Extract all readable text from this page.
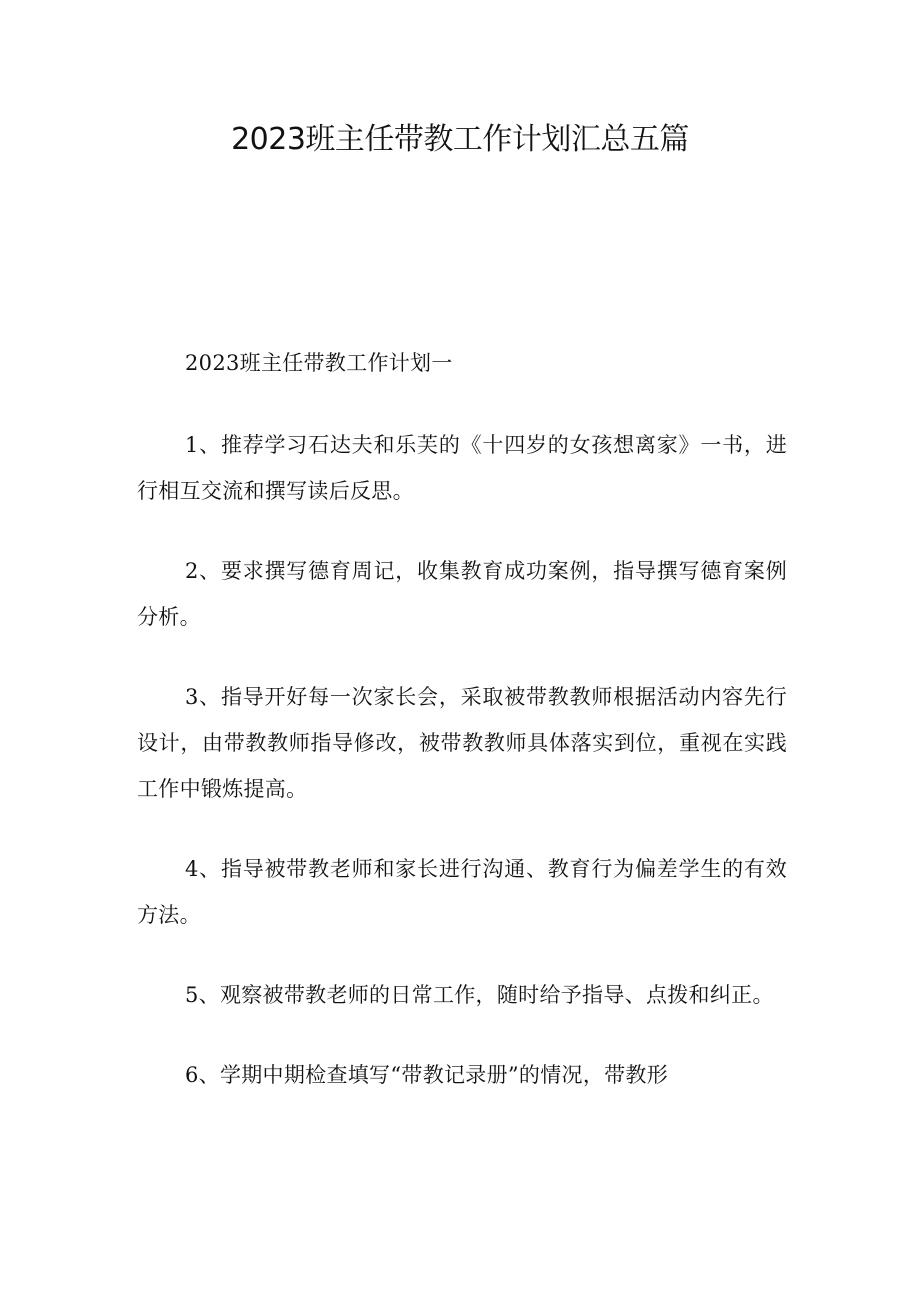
2023班主任带教工作计划汇总五篇

2023班主任带教工作计划一

1、推荐学习石达夫和乐芙的《十四岁的女孩想离家》一书，进行相互交流和撰写读后反思。

2、要求撰写德育周记，收集教育成功案例，指导撰写德育案例分析。

3、指导开好每一次家长会，采取被带教教师根据活动内容先行设计，由带教教师指导修改，被带教教师具体落实到位，重视在实践工作中锻炼提高。

4、指导被带教老师和家长进行沟通、教育行为偏差学生的有效方法。

5、观察被带教老师的日常工作，随时给予指导、点拨和纠正。

6、学期中期检查填写“带教记录册”的情况，带教形
